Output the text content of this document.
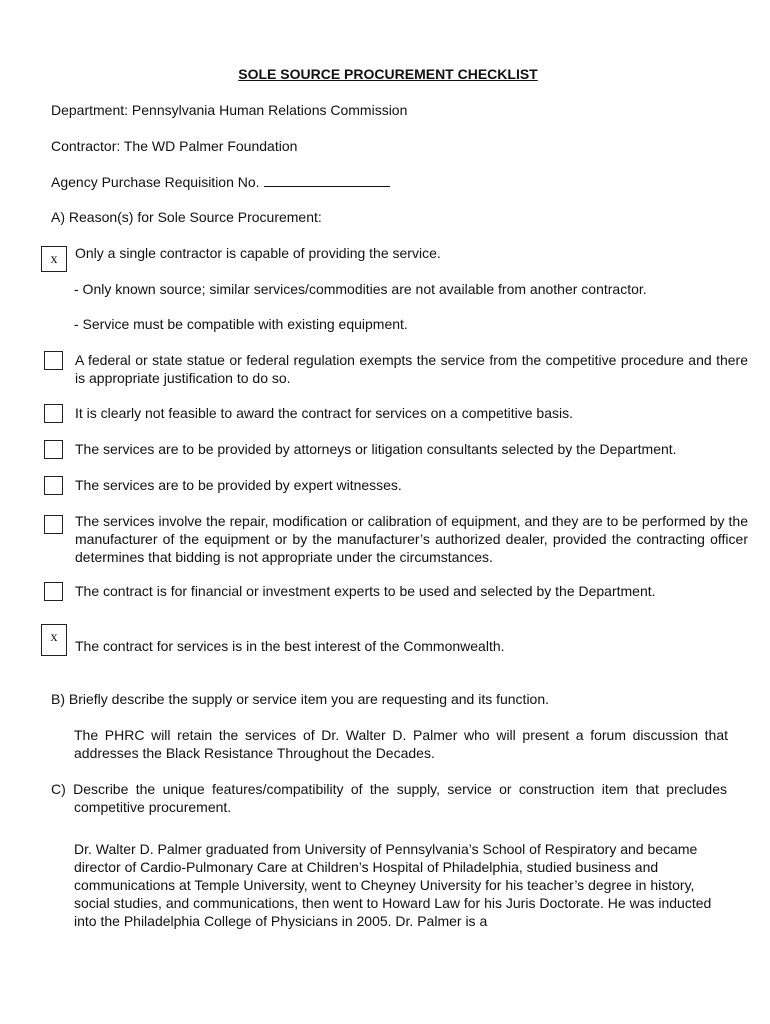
SOLE SOURCE PROCUREMENT CHECKLIST
Department: Pennsylvania Human Relations Commission
Contractor: The WD Palmer Foundation
Agency Purchase Requisition No.
A) Reason(s) for Sole Source Procurement:
x	Only a single contractor is capable of providing the service.
- Only known source; similar services/commodities are not available from another contractor.
- Service must be compatible with existing equipment.
A federal or state statue or federal regulation exempts the service from the competitive procedure and there is appropriate justification to do so.
It is clearly not feasible to award the contract for services on a competitive basis.
The services are to be provided by attorneys or litigation consultants selected by the Department.
The services are to be provided by expert witnesses.
The services involve the repair, modification or calibration of equipment, and they are to be performed by the manufacturer of the equipment or by the manufacturer’s authorized dealer, provided the contracting officer determines that bidding is not appropriate under the circumstances.
The contract is for financial or investment experts to be used and selected by the Department.
x
The contract for services is in the best interest of the Commonwealth.
B) Briefly describe the supply or service item you are requesting and its function.
The PHRC will retain the services of Dr. Walter D. Palmer who will present a forum discussion that addresses the Black Resistance Throughout the Decades.
C) Describe the unique features/compatibility of the supply, service or construction item that precludes competitive procurement.
Dr. Walter D. Palmer graduated from University of Pennsylvania’s School of Respiratory and became director of Cardio-Pulmonary Care at Children’s Hospital of Philadelphia, studied business and communications at Temple University, went to Cheyney University for his teacher’s degree in history, social studies, and communications, then went to Howard Law for his Juris Doctorate. He was inducted into the Philadelphia College of Physicians in 2005. Dr. Palmer is a
